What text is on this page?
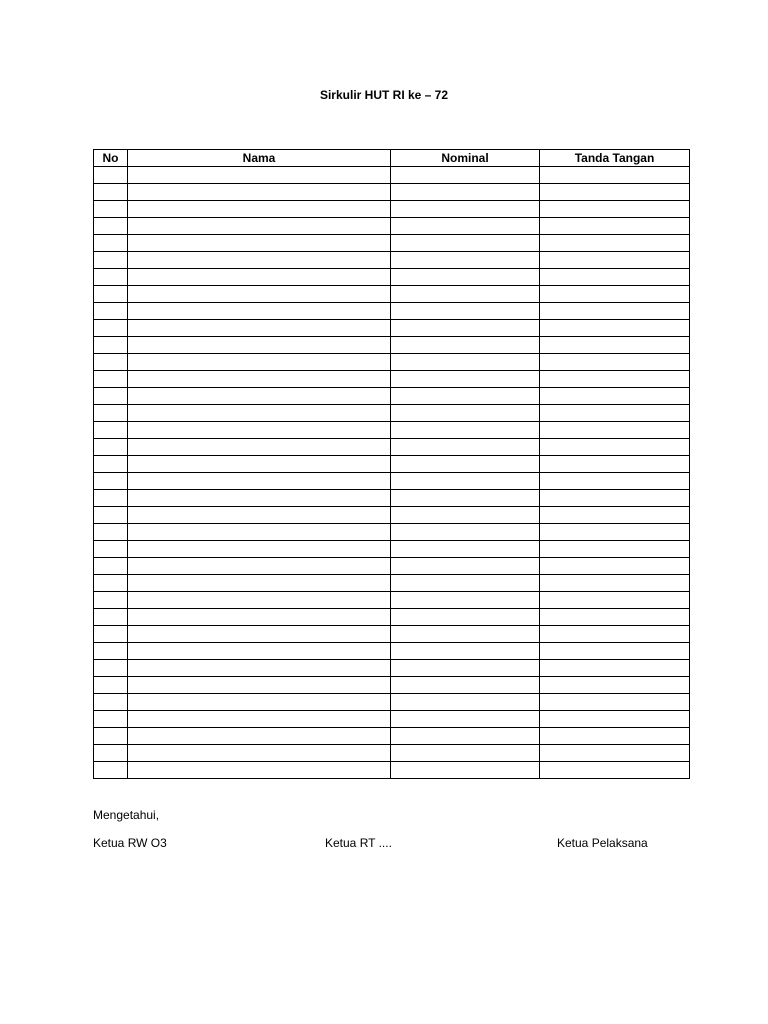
Sirkulir HUT RI ke – 72
No	Nama	Nominal	Tanda Tangan

Mengetahui,
Ketua RW O3	Ketua RT ....	Ketua Pelaksana
